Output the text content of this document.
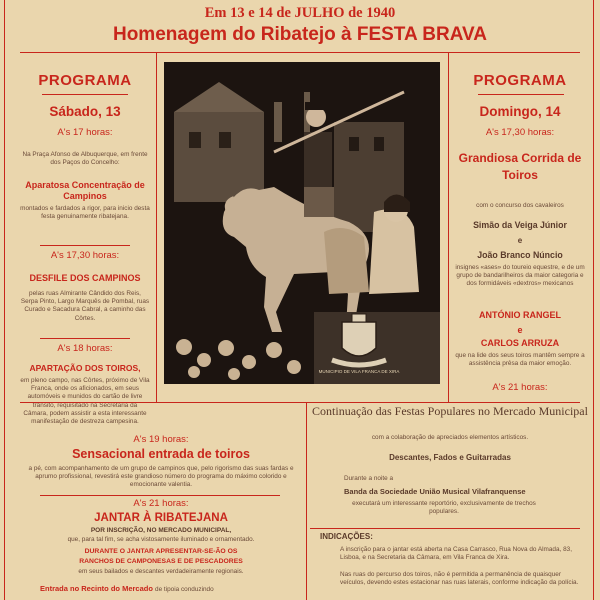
Em 13 e 14 de JULHO de 1940
Homenagem do Ribatejo à FESTA BRAVA
PROGRAMA
Sábado, 13
A's 17 horas:
Na Praça Afonso de Albuquerque, em frente dos Paços do Concelho:
Aparatosa Concentração de Campinos
montados e fardados a rigor, para inicio desta festa genuinamente ribatejana.
A's 17,30 horas:
DESFILE DOS CAMPINOS
pelas ruas Almirante Cândido dos Reis, Serpa Pinto, Largo Marquês de Pombal, ruas Curado e Sacadura Cabral, a caminho das Côrtes.
A's 18 horas:
APARTAÇÃO DOS TOIROS,
em pleno campo, nas Côrtes, próximo de Vila Franca, onde os aficionados, em seus automóveis e munidos do cartão de livre trânsito, requisitado na Secretaria da Câmara, podem assistir a esta interessante manifestação de destreza campesina.
MUNICIPIO DE VILA FRANCA DE XIRA
PROGRAMA
Domingo, 14
A's 17,30 horas:
Grandiosa Corrida de Toiros
com o concurso dos cavaleiros
Simão da Veiga Júnior
e
João Branco Núncio
insignes «ases» do toureio equestre, e de um grupo de bandarilheiros da maior categoria e dos formidáveis «dextros» mexicanos
ANTÓNIO RANGEL
e
CARLOS ARRUZA
que na lide dos seus toiros mantêm sempre a assistência prêsa da maior emoção.
A's 21 horas:
Continuação das Festas Populares no Mercado Municipal
com a colaboração de apreciados elementos artísticos.
Descantes, Fados e Guitarradas
Durante a noite a
Banda da Sociedade União Musical Vilafranquense
executará um interessante reportório, exclusivamente de trechos populares.
INDICAÇÕES:
A inscrição para o jantar está aberta na Casa Carrasco, Rua Nova do Almada, 83, Lisboa, e na Secretaria da Câmara, em Vila Franca de Xira.
Nas ruas do percurso dos toiros, não é permitida a permanência de quaisquer veículos, devendo estes estacionar nas ruas laterais, conforme indicação da polícia.
A's 19 horas:
Sensacional entrada de toiros
a pé, com acompanhamento de um grupo de campinos que, pelo rigorismo das suas fardas e aprumo profissional, revestirá este grandioso número do programa do máximo colorido e emocionante valentia.
A's 21 horas:
JANTAR À RIBATEJANA
POR INSCRIÇÃO, NO MERCADO MUNICIPAL,
que, para tal fim, se acha vistosamente iluminado e ornamentado.
DURANTE O JANTAR APRESENTAR-SE-ÃO OS
RANCHOS DE CAMPONESAS E DE PESCADORES
em seus bailados e descantes verdadeiramente regionais.
Entrada no Recinto do Mercado de tipoia conduzindo
